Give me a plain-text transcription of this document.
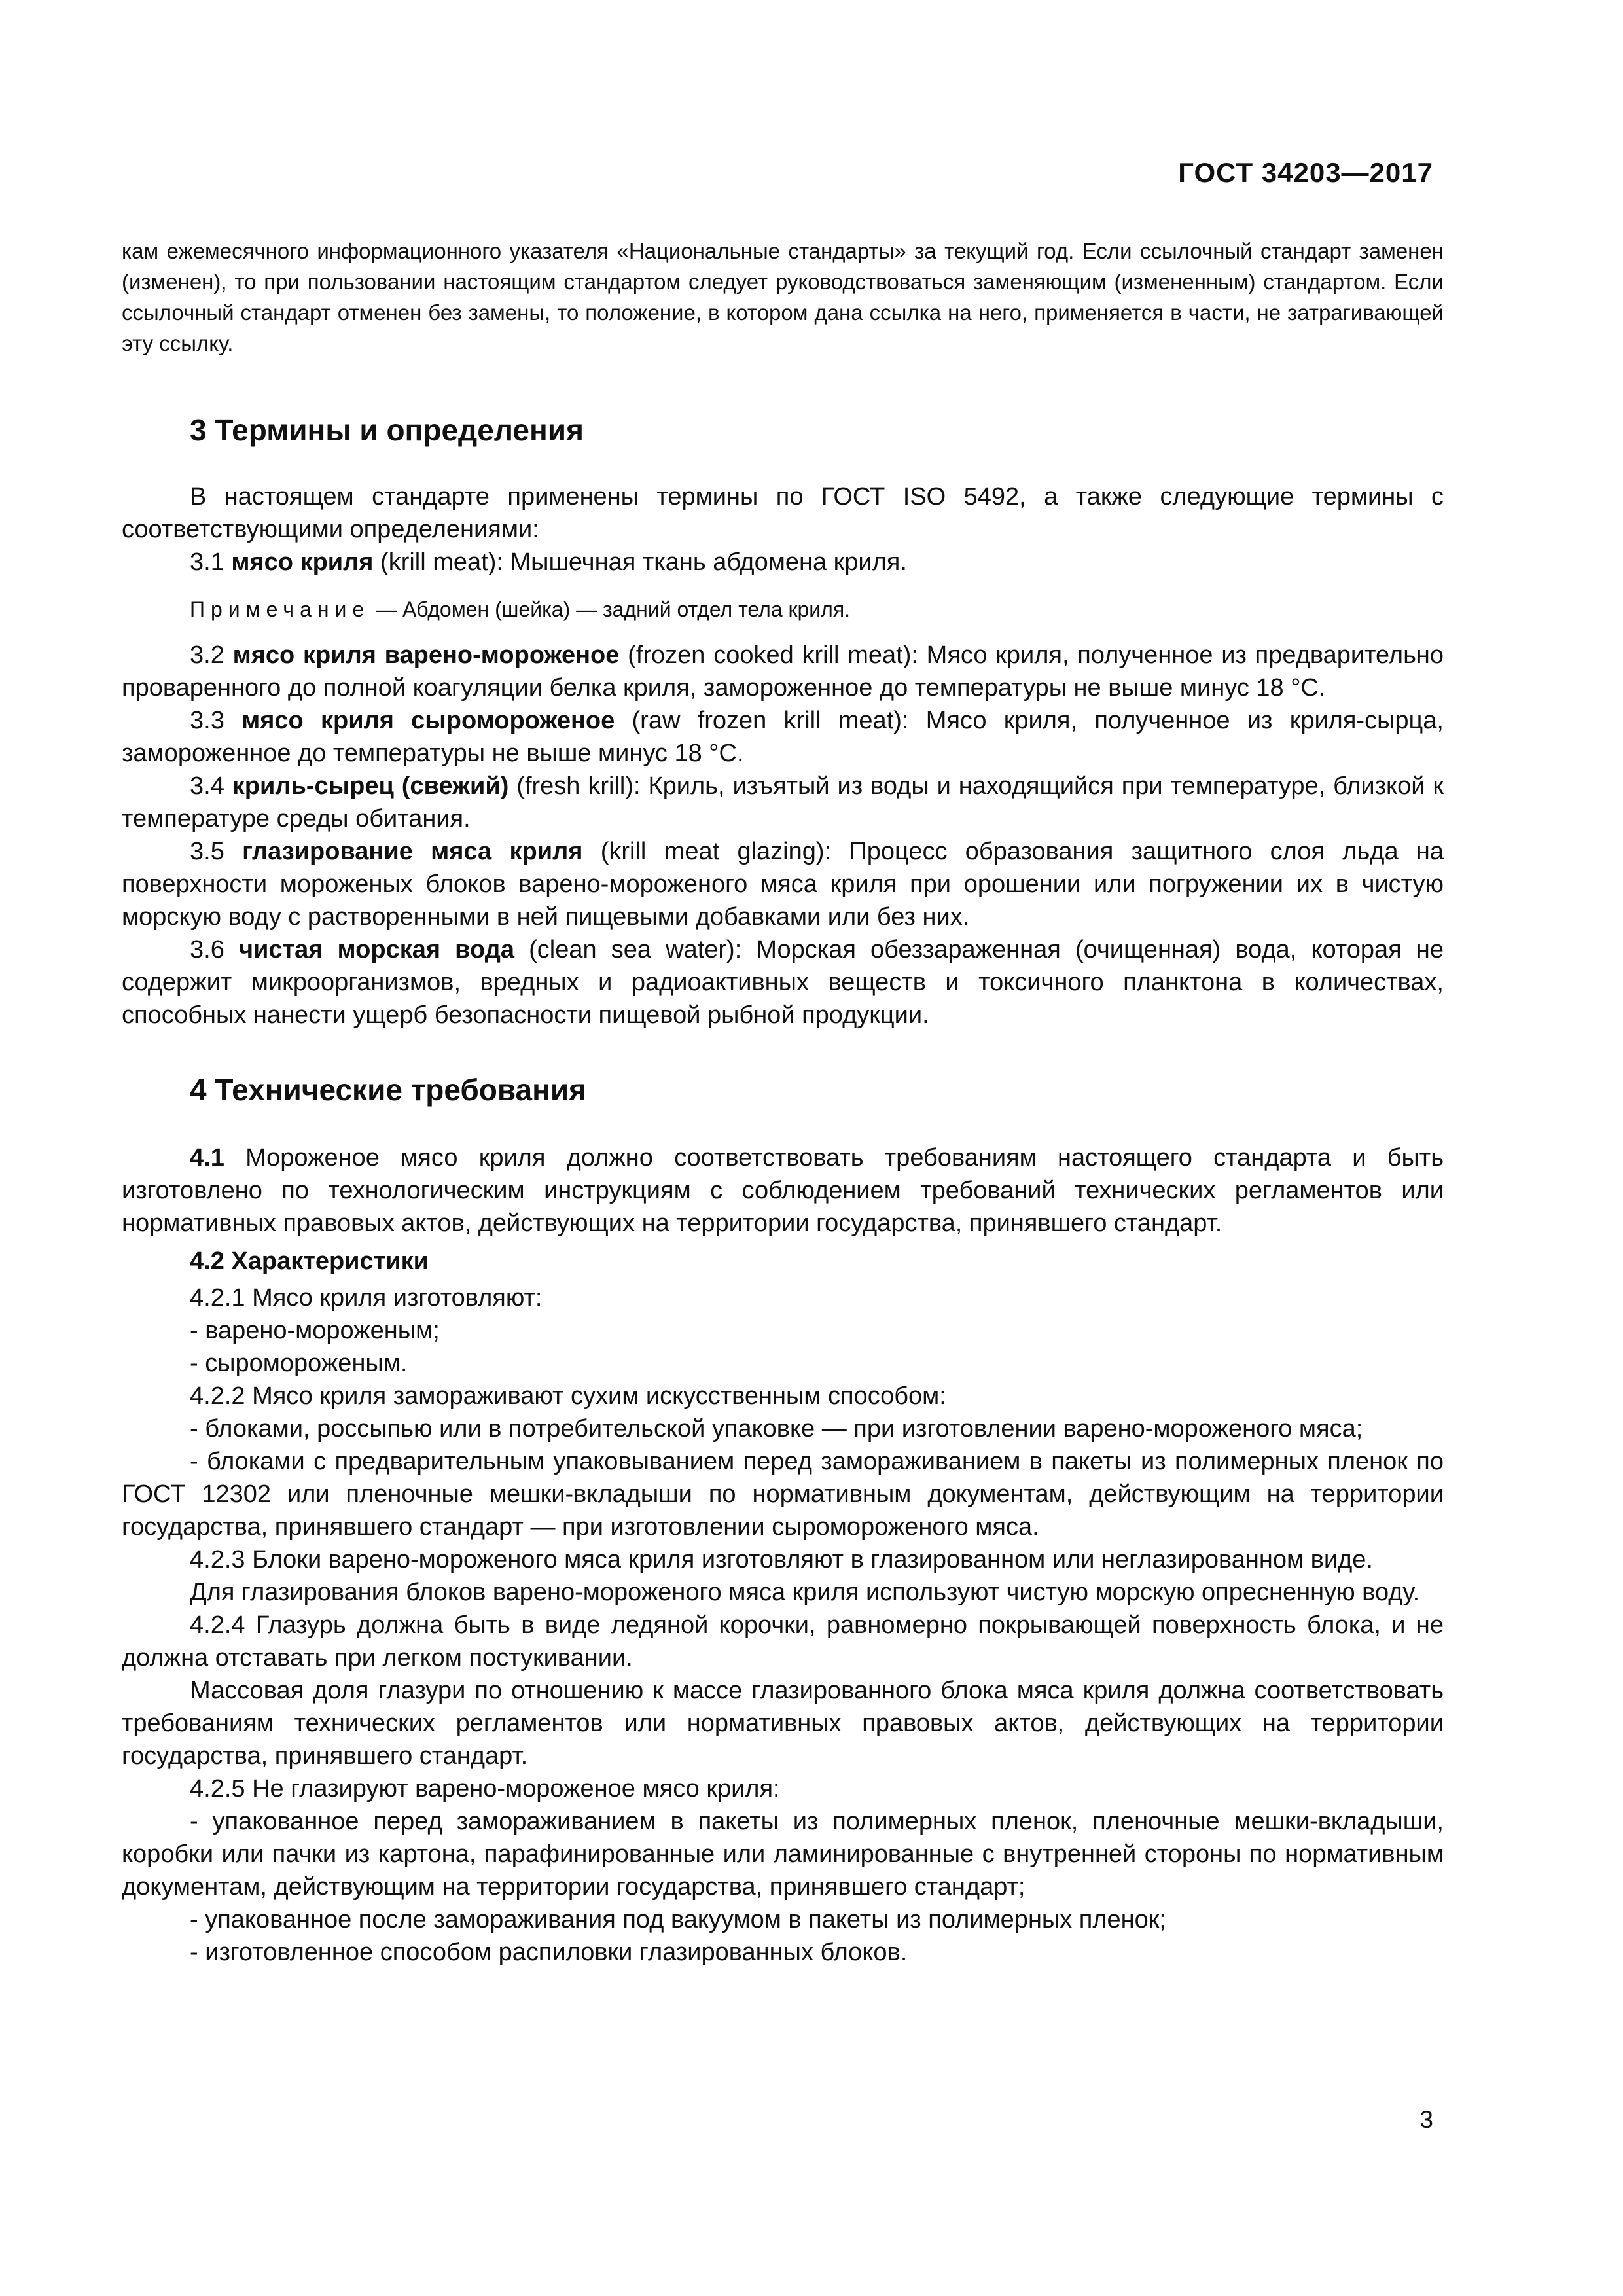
ГОСТ 34203—2017

кам ежемесячного информационного указателя «Национальные стандарты» за текущий год. Если ссылочный стандарт заменен (изменен), то при пользовании настоящим стандартом следует руководствоваться заменяющим (измененным) стандартом. Если ссылочный стандарт отменен без замены, то положение, в котором дана ссылка на него, применяется в части, не затрагивающей эту ссылку.

3 Термины и определения

В настоящем стандарте применены термины по ГОСТ ISO 5492, а также следующие термины с соответствующими определениями:

3.1 мясо криля (krill meat): Мышечная ткань абдомена криля.

Примечание — Абдомен (шейка) — задний отдел тела криля.

3.2 мясо криля варено-мороженое (frozen cooked krill meat): Мясо криля, полученное из предварительно проваренного до полной коагуляции белка криля, замороженное до температуры не выше минус 18 °С.

3.3 мясо криля сыромороженое (raw frozen krill meat): Мясо криля, полученное из криля-сырца, замороженное до температуры не выше минус 18 °С.

3.4 криль-сырец (свежий) (fresh krill): Криль, изъятый из воды и находящийся при температуре, близкой к температуре среды обитания.

3.5 глазирование мяса криля (krill meat glazing): Процесс образования защитного слоя льда на поверхности мороженых блоков варено-мороженого мяса криля при орошении или погружении их в чистую морскую воду с растворенными в ней пищевыми добавками или без них.

3.6 чистая морская вода (clean sea water): Морская обеззараженная (очищенная) вода, которая не содержит микроорганизмов, вредных и радиоактивных веществ и токсичного планктона в количествах, способных нанести ущерб безопасности пищевой рыбной продукции.

4 Технические требования

4.1 Мороженое мясо криля должно соответствовать требованиям настоящего стандарта и быть изготовлено по технологическим инструкциям с соблюдением требований технических регламентов или нормативных правовых актов, действующих на территории государства, принявшего стандарт.

4.2 Характеристики

4.2.1 Мясо криля изготовляют:

- варено-мороженым;

- сыромороженым.

4.2.2 Мясо криля замораживают сухим искусственным способом:

- блоками, россыпью или в потребительской упаковке — при изготовлении варено-мороженого мяса;

- блоками с предварительным упаковыванием перед замораживанием в пакеты из полимерных пленок по ГОСТ 12302 или пленочные мешки-вкладыши по нормативным документам, действующим на территории государства, принявшего стандарт — при изготовлении сыромороженого мяса.

4.2.3 Блоки варено-мороженого мяса криля изготовляют в глазированном или неглазированном виде.

Для глазирования блоков варено-мороженого мяса криля используют чистую морскую опресненную воду.

4.2.4 Глазурь должна быть в виде ледяной корочки, равномерно покрывающей поверхность блока, и не должна отставать при легком постукивании.

Массовая доля глазури по отношению к массе глазированного блока мяса криля должна соответствовать требованиям технических регламентов или нормативных правовых актов, действующих на территории государства, принявшего стандарт.

4.2.5 Не глазируют варено-мороженое мясо криля:

- упакованное перед замораживанием в пакеты из полимерных пленок, пленочные мешки-вкладыши, коробки или пачки из картона, парафинированные или ламинированные с внутренней стороны по нормативным документам, действующим на территории государства, принявшего стандарт;

- упакованное после замораживания под вакуумом в пакеты из полимерных пленок;

- изготовленное способом распиловки глазированных блоков.

3
